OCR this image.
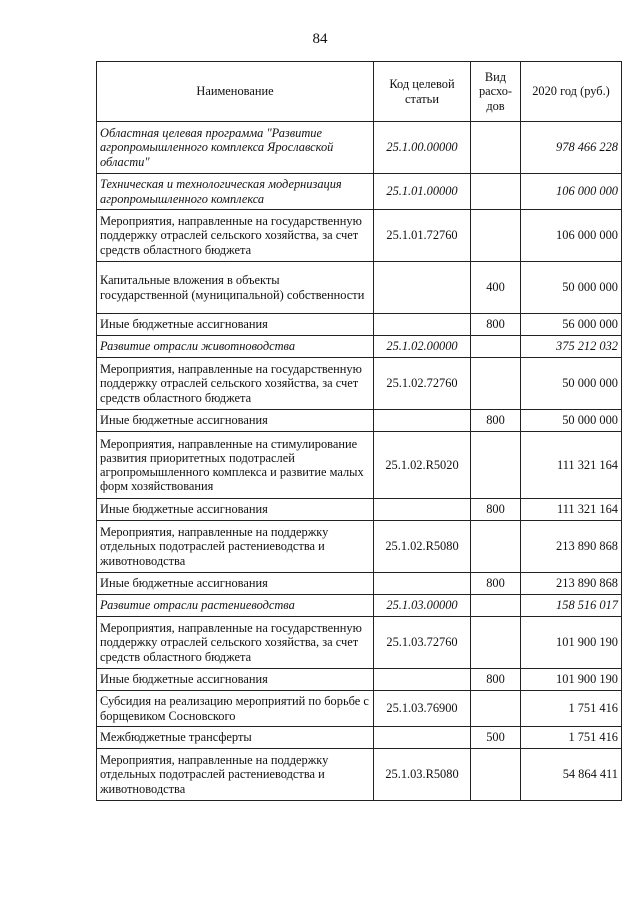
84
Наименование	Код целевой статьи	Вид расхо-дов	2020 год (руб.)
Областная целевая программа "Развитие агропромышленного комплекса Ярославской области"	25.1.00.00000		978 466 228
Техническая и технологическая модернизация агропромышленного комплекса	25.1.01.00000		106 000 000
Мероприятия, направленные на государственную поддержку отраслей сельского хозяйства, за счет средств областного бюджета	25.1.01.72760		106 000 000
Капитальные вложения в объекты государственной (муниципальной) собственности		400	50 000 000
Иные бюджетные ассигнования		800	56 000 000
Развитие отрасли животноводства	25.1.02.00000		375 212 032
Мероприятия, направленные на государственную поддержку отраслей сельского хозяйства, за счет средств областного бюджета	25.1.02.72760		50 000 000
Иные бюджетные ассигнования		800	50 000 000
Мероприятия, направленные на стимулирование развития приоритетных подотраслей агропромышленного комплекса и развитие малых форм хозяйствования	25.1.02.R5020		111 321 164
Иные бюджетные ассигнования		800	111 321 164
Мероприятия, направленные на поддержку отдельных подотраслей растениеводства и животноводства	25.1.02.R5080		213 890 868
Иные бюджетные ассигнования		800	213 890 868
Развитие отрасли растениеводства	25.1.03.00000		158 516 017
Мероприятия, направленные на государственную поддержку отраслей сельского хозяйства, за счет средств областного бюджета	25.1.03.72760		101 900 190
Иные бюджетные ассигнования		800	101 900 190
Субсидия на реализацию мероприятий по борьбе с борщевиком Сосновского	25.1.03.76900		1 751 416
Межбюджетные трансферты		500	1 751 416
Мероприятия, направленные на поддержку отдельных подотраслей растениеводства и животноводства	25.1.03.R5080		54 864 411
